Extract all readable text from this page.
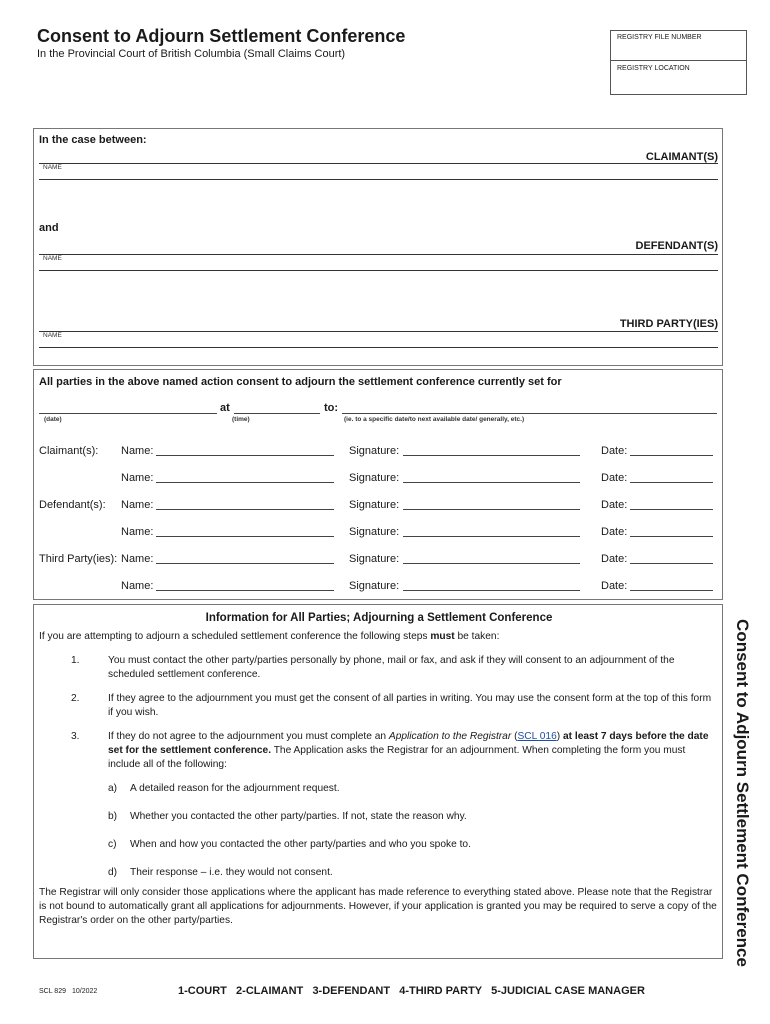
Consent to Adjourn Settlement Conference
In the Provincial Court of British Columbia (Small Claims Court)
REGISTRY FILE NUMBER
REGISTRY LOCATION
In the case between:
CLAIMANT(S)
NAME
and
DEFENDANT(S)
NAME
THIRD PARTY(IES)
NAME
All parties in the above named action consent to adjourn the settlement conference currently set for
at	to:
(date)	(time)	(ie. to a specific date/to next available date/ generally, etc.)
Claimant(s): Name:	Signature:	Date:
Name:	Signature:	Date:
Defendant(s): Name:	Signature:	Date:
Name:	Signature:	Date:
Third Party(ies): Name:	Signature:	Date:
Name:	Signature:	Date:
Information for All Parties; Adjourning a Settlement Conference

If you are attempting to adjourn a scheduled settlement conference the following steps must be taken:

1.	You must contact the other party/parties personally by phone, mail or fax, and ask if they will consent to an adjournment of the scheduled settlement conference.
2.	If they agree to the adjournment you must get the consent of all parties in writing. You may use the consent form at the top of this form if you wish.
3.	If they do not agree to the adjournment you must complete an Application to the Registrar (SCL 016) at least 7 days before the date set for the settlement conference. The Application asks the Registrar for an adjournment. When completing the form you must include all of the following:
a)	A detailed reason for the adjournment request.
b)	Whether you contacted the other party/parties. If not, state the reason why.
c)	When and how you contacted the other party/parties and who you spoke to.
d)	Their response – i.e. they would not consent.

The Registrar will only consider those applications where the applicant has made reference to everything stated above. Please note that the Registrar is not bound to automatically grant all applications for adjournments. However, if your application is granted you may be required to serve a copy of the Registrar's order on the other party/parties.	Consent to Adjourn Settlement Conference
SCL 829 10/2022	1-COURT   2-CLAIMANT   3-DEFENDANT   4-THIRD PARTY   5-JUDICIAL CASE MANAGER
